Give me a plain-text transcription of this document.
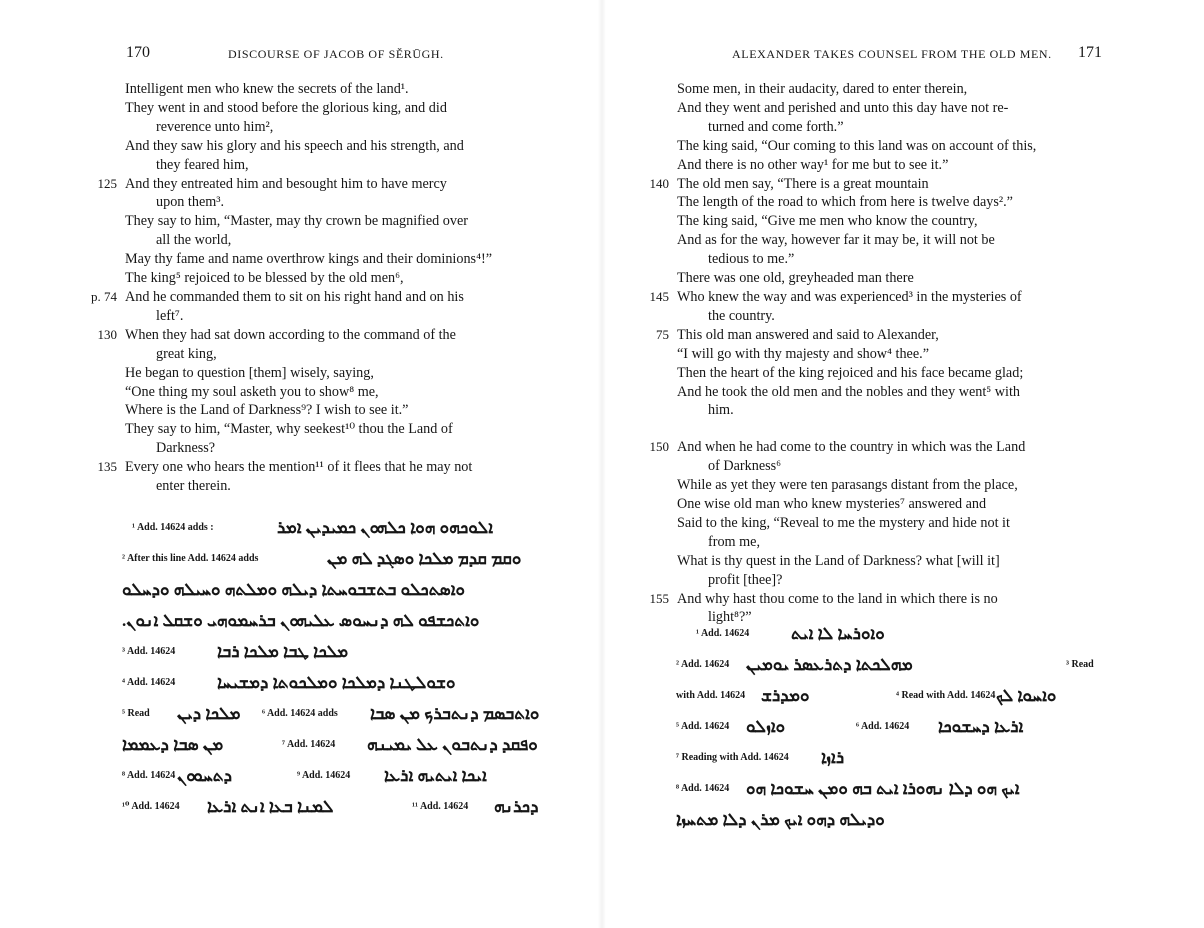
170	DISCOURSE OF JACOB OF SĚRŪGH.
Intelligent men who knew the secrets of the land¹.
They went in and stood before the glorious king, and did
reverence unto him²,
And they saw his glory and his speech and his strength, and
they feared him,
125 And they entreated him and besought him to have mercy
upon them³.
They say to him, “Master, may thy crown be magnified over
all the world,
May thy fame and name overthrow kings and their dominions⁴!”
The king⁵ rejoiced to be blessed by the old men⁶,
p. 74 And he commanded them to sit on his right hand and on his
left⁷.
130 When they had sat down according to the command of the
great king,
He began to question [them] wisely, saying,
“One thing my soul asketh you to show⁸ me,
Where is the Land of Darkness⁹? I wish to see it.”
They say to him, “Master, why seekest¹⁰ thou the Land of
Darkness?
135 Every one who hears the mention¹¹ of it flees that he may not
enter therein.
¹ Add. 14624 adds :	ܐܠܘܟܗܘ ܗܘܐ ܟܠܗܘܢ ܟܡܝܕܝܢ ܐܡܪ
² After this line Add. 14624 adds	ܘܩܡ ܩܕܡ ܡܠܟܐ ܘܣܓܕ ܠܗ ܡܢ
ܘܐܣܬܟܠܘ ܒܬܫܒܘܚܬܐ ܕܝܠܗ ܘܡܠܬܗ ܘܚܝܠܗ ܘܕܚܠܘ
ܘܐܬܟܫܦܘ ܠܗ ܕܢܚܘܣ ܥܠܝܗܘܢ ܒܪܚܡܘܗܝ ܘܫܩܠ ܐܢܘܢ.
³ Add. 14624 ܡܠܟܐ ܛܒܐ ܡܠܟܐ ܪܒܐ
⁴ Add. 14624 ܘܫܘܠܛܢܐ ܕܡܠܟܐ ܘܡܠܟܘܬܐ ܕܡܫܝܚܐ
⁵ Read ܡܠܟܐ ܕܝܢ ⁶ Add. 14624 adds ܘܐܬܒܣܡ ܕܢܬܒܪܟ ܡܢ ܣܒܐ
ܡܢ ܣܒܐ ܕܥܡܡܐ	⁷ Add. 14624 ܘܦܩܕ ܕܢܬܒܘܢ ܥܠ ܝܡܝܢܗ
⁸ Add. 14624 ܕܬܚܘܘܢ	⁹ Add. 14624 ܐܝܟܐ ܐܝܬܝܗ ܐܪܥܐ
¹⁰ Add. 14624 ܠܡܢܐ ܒܥܐ ܐܢܬ ܐܪܥܐ	¹¹ Add. 14624 ܕܟܪܢܗ
ALEXANDER TAKES COUNSEL FROM THE OLD MEN. 171
Some men, in their audacity, dared to enter therein,
And they went and perished and unto this day have not re-
turned and come forth.”
The king said, “Our coming to this land was on account of this,
And there is no other way¹ for me but to see it.”
140 The old men say, “There is a great mountain
The length of the road to which from here is twelve days².”
The king said, “Give me men who know the country,
And as for the way, however far it may be, it will not be
tedious to me.”
There was one old, greyheaded man there
145 Who knew the way and was experienced³ in the mysteries of
the country.
75 This old man answered and said to Alexander,
“I will go with thy majesty and show⁴ thee.”
Then the heart of the king rejoiced and his face became glad;
And he took the old men and the nobles and they went⁵ with
him.
150 And when he had come to the country in which was the Land
of Darkness⁶
While as yet they were ten parasangs distant from the place,
One wise old man who knew mysteries⁷ answered and
Said to the king, “Reveal to me the mystery and hide not it
from me,
What is thy quest in the Land of Darkness? what [will it]
profit [thee]?
155 And why hast thou come to the land in which there is no
light⁸?”
¹ Add. 14624 ܘܐܘܪܚܐ ܠܐ ܐܝܬ
² Add. 14624 ܡܗܠܟܬܐ ܕܬܪܥܣܪ ܝܘܡܝܢ	³ Read
with Add. 14624 ܘܡܕܪܫ	⁴ Read with Add. 14624 ܘܐܚܘܐ ܠܟ
⁵ Add. 14624 ܘܐܙܠܘ	⁶ Add. 14624 ܐܪܥܐ ܕܚܫܘܟܐ
⁷ Reading with Add. 14624 ܪܐܙܐ
⁸ Add. 14624 ܐܝܟ ܗܘ ܕܠܐ ܢܗܘܪܐ ܐܝܬ ܒܗ ܘܡܢ ܚܫܘܟܐ ܗܘ
ܘܕܝܠܗ ܕܗܘ ܐܝܟ ܡܪܢ ܕܠܐ ܡܬܚܙܐ
